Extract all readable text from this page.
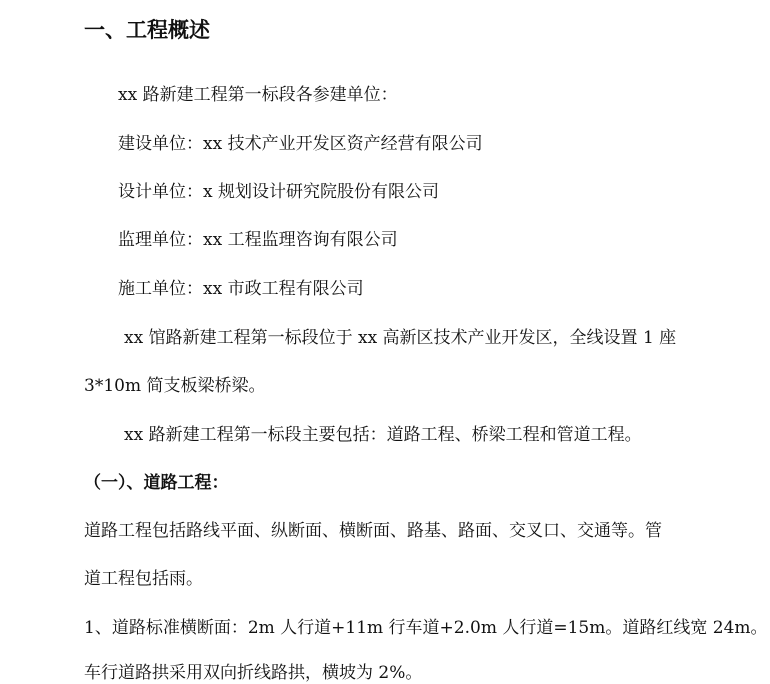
一、工程概述
xx 路新建工程第一标段各参建单位：
建设单位：xx 技术产业开发区资产经营有限公司
设计单位：x 规划设计研究院股份有限公司
监理单位：xx 工程监理咨询有限公司
施工单位：xx 市政工程有限公司
xx 馆路新建工程第一标段位于 xx 高新区技术产业开发区，全线设置 1 座
3*10m 简支板梁桥梁。
xx 路新建工程第一标段主要包括：道路工程、桥梁工程和管道工程。
（一）、道路工程：
道路工程包括路线平面、纵断面、横断面、路基、路面、交叉口、交通等。管
道工程包括雨。
1、道路标准横断面：2m 人行道+11m 行车道+2.0m 人行道=15m。道路红线宽 24m。
车行道路拱采用双向折线路拱，横坡为 2%。
